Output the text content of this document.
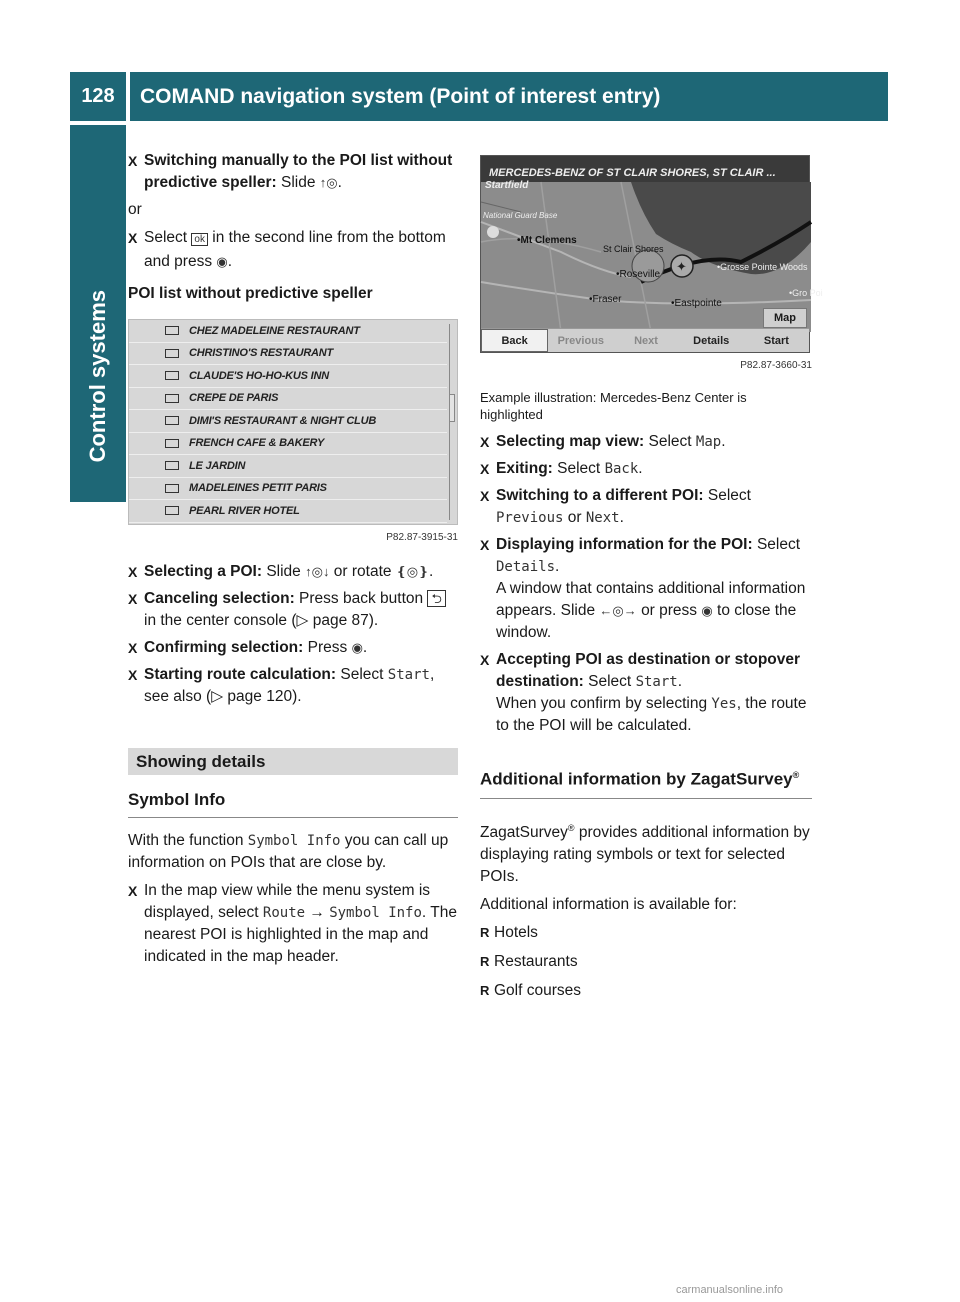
128	COMAND navigation system (Point of interest entry)
Control systems
X Switching manually to the POI list without predictive speller: Slide ↑◎.
or
X Select ok in the second line from the bottom and press ◉.
POI list without predictive speller
CHEZ MADELEINE RESTAURANT
CHRISTINO'S RESTAURANT
CLAUDE'S HO-HO-KUS INN
CREPE DE PARIS
DIMI'S RESTAURANT & NIGHT CLUB
FRENCH CAFE & BAKERY
LE JARDIN
MADELEINES PETIT PARIS
PEARL RIVER HOTEL
P82.87-3915-31
X Selecting a POI: Slide ↑◎↓ or rotate ❴◎❵.
X Canceling selection: Press back button ⮌ in the center console (▷ page 87).
X Confirming selection: Press ◉.
X Starting route calculation: Select Start, see also (▷ page 120).
Showing details
Symbol Info
With the function Symbol Info you can call up information on POIs that are close by.
X In the map view while the menu system is displayed, select Route → Symbol Info. The nearest POI is highlighted in the map and indicated in the map header.
MERCEDES-BENZ OF ST CLAIR SHORES, ST CLAIR ...
✦
Startfield
National Guard Base
•Mt Clemens
St Clair Shores
•Roseville
•Grosse Pointe Woods
•Fraser	•Eastpointe
•Gro Poi
Map
Back	Previous	Next	Details	Start
P82.87-3660-31
Example illustration: Mercedes-Benz Center is highlighted
X Selecting map view: Select Map.
X Exiting: Select Back.
X Switching to a different POI: Select Previous or Next.
X Displaying information for the POI: Select Details.
A window that contains additional information appears. Slide ←◎→ or press ◉ to close the window.
X Accepting POI as destination or stopover destination: Select Start.
When you confirm by selecting Yes, the route to the POI will be calculated.
Additional information by ZagatSurvey®
ZagatSurvey® provides additional information by displaying rating symbols or text for selected POIs.
Additional information is available for:
R Hotels
R Restaurants
R Golf courses
carmanualsonline.info
